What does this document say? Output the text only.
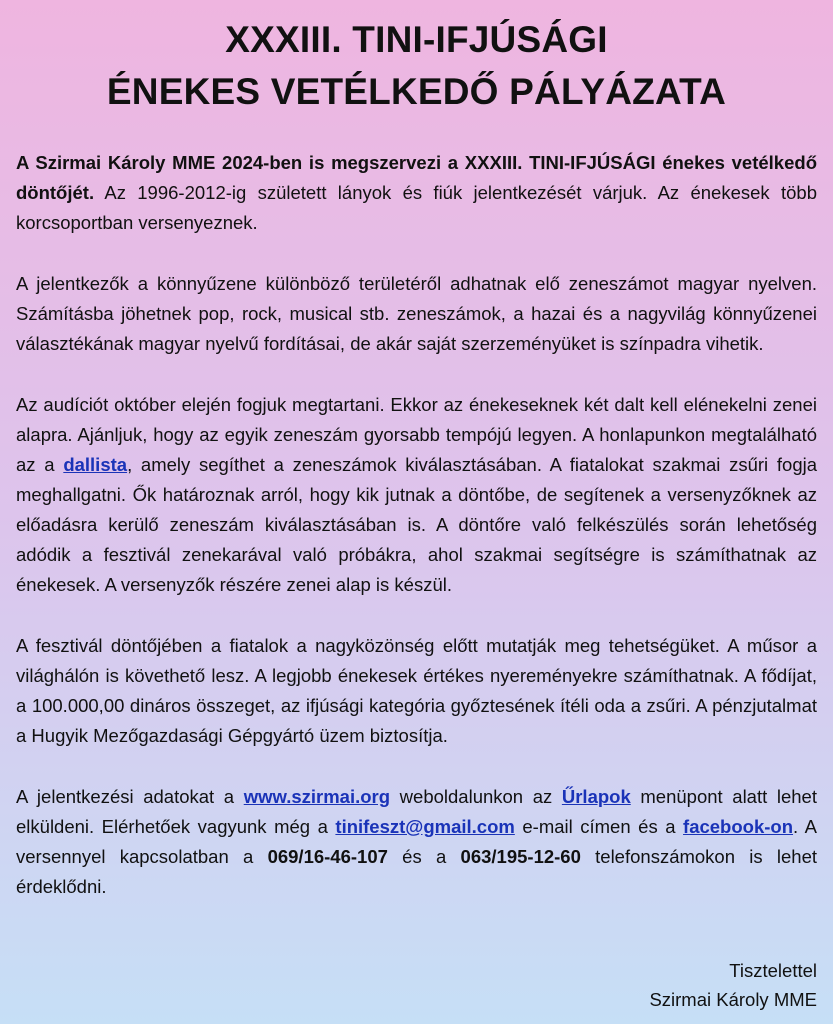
XXXIII. TINI-IFJÚSÁGI
ÉNEKES VETÉLKEDŐ PÁLYÁZATA

A Szirmai Károly MME 2024-ben is megszervezi a XXXIII. TINI-IFJÚSÁGI énekes vetélkedő döntőjét. Az 1996-2012-ig született lányok és fiúk jelentkezését várjuk. Az énekesek több korcsoportban versenyeznek.

A jelentkezők a könnyűzene különböző területéről adhatnak elő zeneszámot magyar nyelven. Számításba jöhetnek pop, rock, musical stb. zeneszámok, a hazai és a nagyvilág könnyűzenei választékának magyar nyelvű fordításai, de akár saját szerzeményüket is színpadra vihetik.

Az audíciót október elején fogjuk megtartani. Ekkor az énekeseknek két dalt kell elénekelni zenei alapra. Ajánljuk, hogy az egyik zeneszám gyorsabb tempójú legyen. A honlapunkon megtalálható az a dallista, amely segíthet a zeneszámok kiválasztásában. A fiatalokat szakmai zsűri fogja meghallgatni. Ők határoznak arról, hogy kik jutnak a döntőbe, de segítenek a versenyzőknek az előadásra kerülő zeneszám kiválasztásában is. A döntőre való felkészülés során lehetőség adódik a fesztivál zenekarával való próbákra, ahol szakmai segítségre is számíthatnak az énekesek. A versenyzők részére zenei alap is készül.

A fesztivál döntőjében a fiatalok a nagyközönség előtt mutatják meg tehetségüket. A műsor a világhálón is követhető lesz. A legjobb énekesek értékes nyereményekre számíthatnak. A fődíjat, a 100.000,00 dináros összeget, az ifjúsági kategória győztesének ítéli oda a zsűri. A pénzjutalmat a Hugyik Mezőgazdasági Gépgyártó üzem biztosítja.

A jelentkezési adatokat a www.szirmai.org weboldalunkon az Űrlapok menüpont alatt lehet elküldeni. Elérhetőek vagyunk még a tinifeszt@gmail.com e-mail címen és a facebook-on. A versennyel kapcsolatban a 069/16-46-107 és a 063/195-12-60 telefonszámokon is lehet érdeklődni.

Tisztelettel
Szirmai Károly MME
